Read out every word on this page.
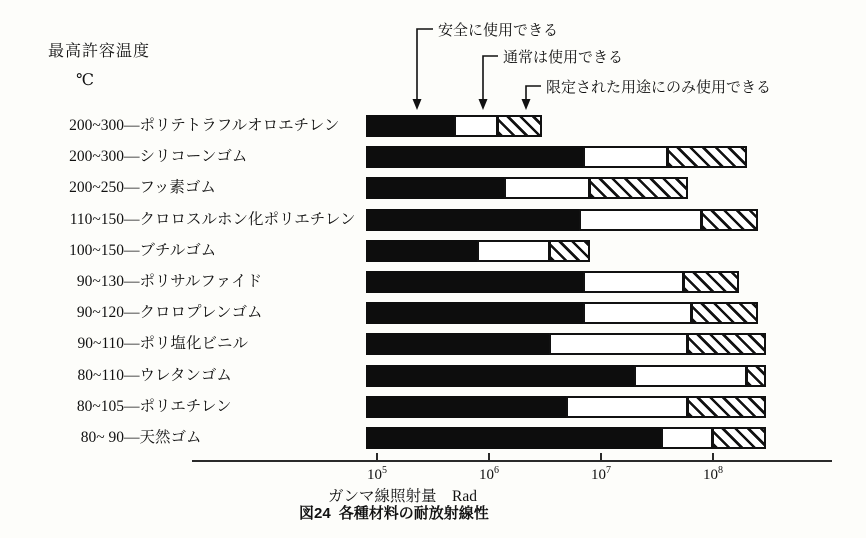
最高許容温度
℃
安全に使用できる
通常は使用できる
限定された用途にのみ使用できる
200~300—ポリテトラフルオロエチレン
200~300—シリコーンゴム
200~250—フッ素ゴム
110~150—クロロスルホン化ポリエチレン
100~150—ブチルゴム
90~130—ポリサルファイド
90~120—クロロプレンゴム
90~110—ポリ塩化ビニル
80~110—ウレタンゴム
80~105—ポリエチレン
80~ 90—天然ゴム
$10^5$	$10^6$	$10^7$	$10^8$
ガンマ線照射量　Rad
図24 各種材料の耐放射線性
